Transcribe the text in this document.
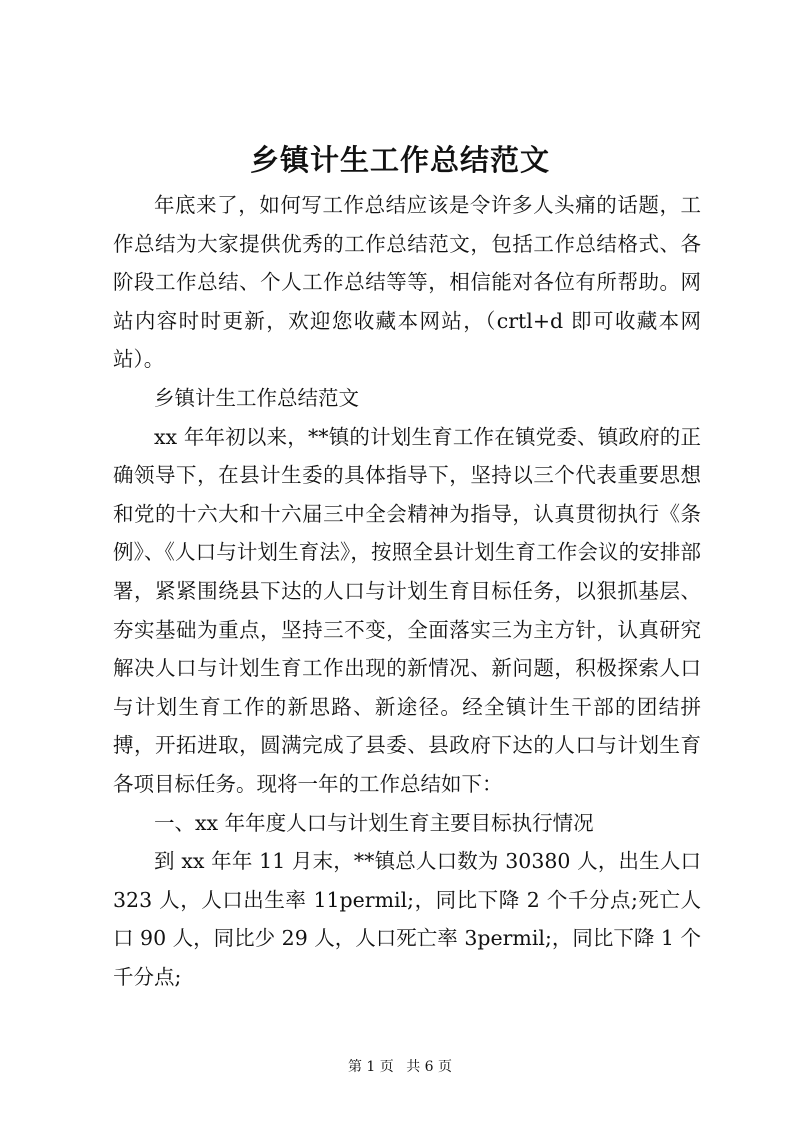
乡镇计生工作总结范文

年底来了，如何写工作总结应该是令许多人头痛的话题，工作总结为大家提供优秀的工作总结范文，包括工作总结格式、各阶段工作总结、个人工作总结等等，相信能对各位有所帮助。网站内容时时更新，欢迎您收藏本网站，（crtl+d 即可收藏本网站）。

乡镇计生工作总结范文

xx 年年初以来，**镇的计划生育工作在镇党委、镇政府的正确领导下，在县计生委的具体指导下，坚持以三个代表重要思想和党的十六大和十六届三中全会精神为指导，认真贯彻执行《条例》、《人口与计划生育法》，按照全县计划生育工作会议的安排部署，紧紧围绕县下达的人口与计划生育目标任务，以狠抓基层、夯实基础为重点，坚持三不变，全面落实三为主方针，认真研究解决人口与计划生育工作出现的新情况、新问题，积极探索人口与计划生育工作的新思路、新途径。经全镇计生干部的团结拼搏，开拓进取，圆满完成了县委、县政府下达的人口与计划生育各项目标任务。现将一年的工作总结如下：

一、xx 年年度人口与计划生育主要目标执行情况

到 xx 年年 11 月末，**镇总人口数为 30380 人，出生人口 323 人，人口出生率 11permil;，同比下降 2 个千分点;死亡人口 90 人，同比少 29 人，人口死亡率 3permil;，同比下降 1 个千分点;

第 1 页 共 6 页
